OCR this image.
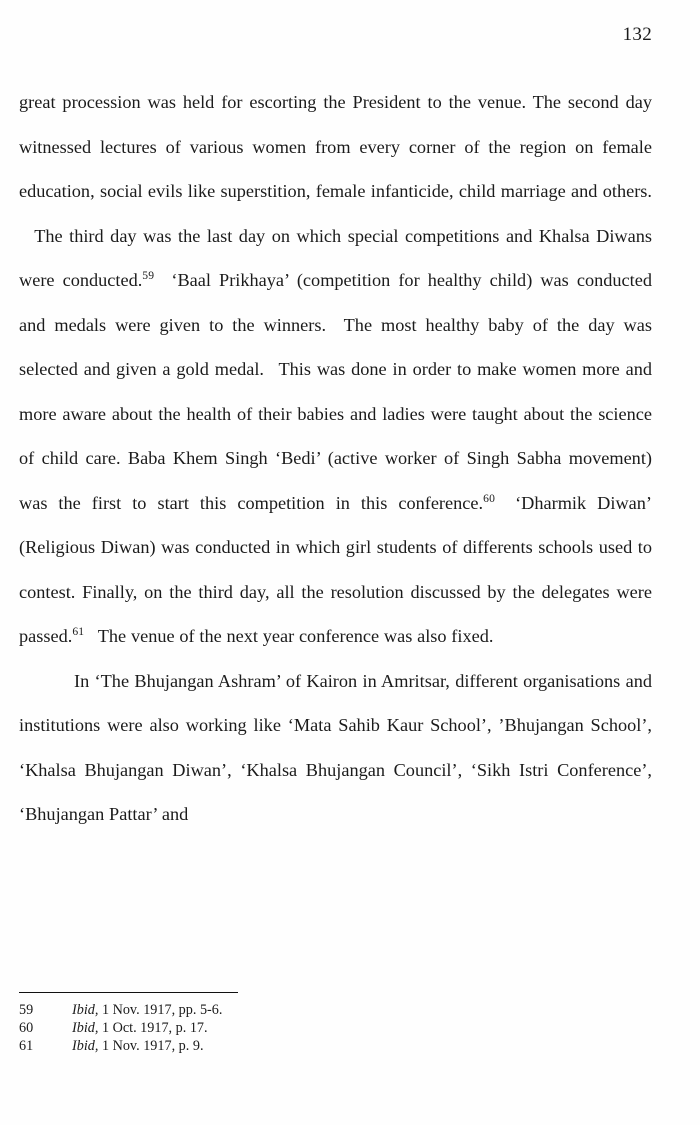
132

great procession was held for escorting the President to the venue. The second day witnessed lectures of various women from every corner of the region on female education, social evils like superstition, female infanticide, child marriage and others. The third day was the last day on which special competitions and Khalsa Diwans were conducted.$^{59}$ ‘Baal Prikhaya’ (competition for healthy child) was conducted and medals were given to the winners. The most healthy baby of the day was selected and given a gold medal. This was done in order to make women more and more aware about the health of their babies and ladies were taught about the science of child care. Baba Khem Singh ‘Bedi’ (active worker of Singh Sabha movement) was the first to start this competition in this conference.$^{60}$ ‘Dharmik Diwan’ (Religious Diwan) was conducted in which girl students of differents schools used to contest. Finally, on the third day, all the resolution discussed by the delegates were passed.$^{61}$ The venue of the next year conference was also fixed.

In ‘The Bhujangan Ashram’ of Kairon in Amritsar, different organisations and institutions were also working like ‘Mata Sahib Kaur School’, ’Bhujangan School’, ‘Khalsa Bhujangan Diwan’, ‘Khalsa Bhujangan Council’, ‘Sikh Istri Conference’, ‘Bhujangan Pattar’ and

59	Ibid, 1 Nov. 1917, pp. 5-6.
60	Ibid, 1 Oct. 1917, p. 17.
61	Ibid, 1 Nov. 1917, p. 9.
